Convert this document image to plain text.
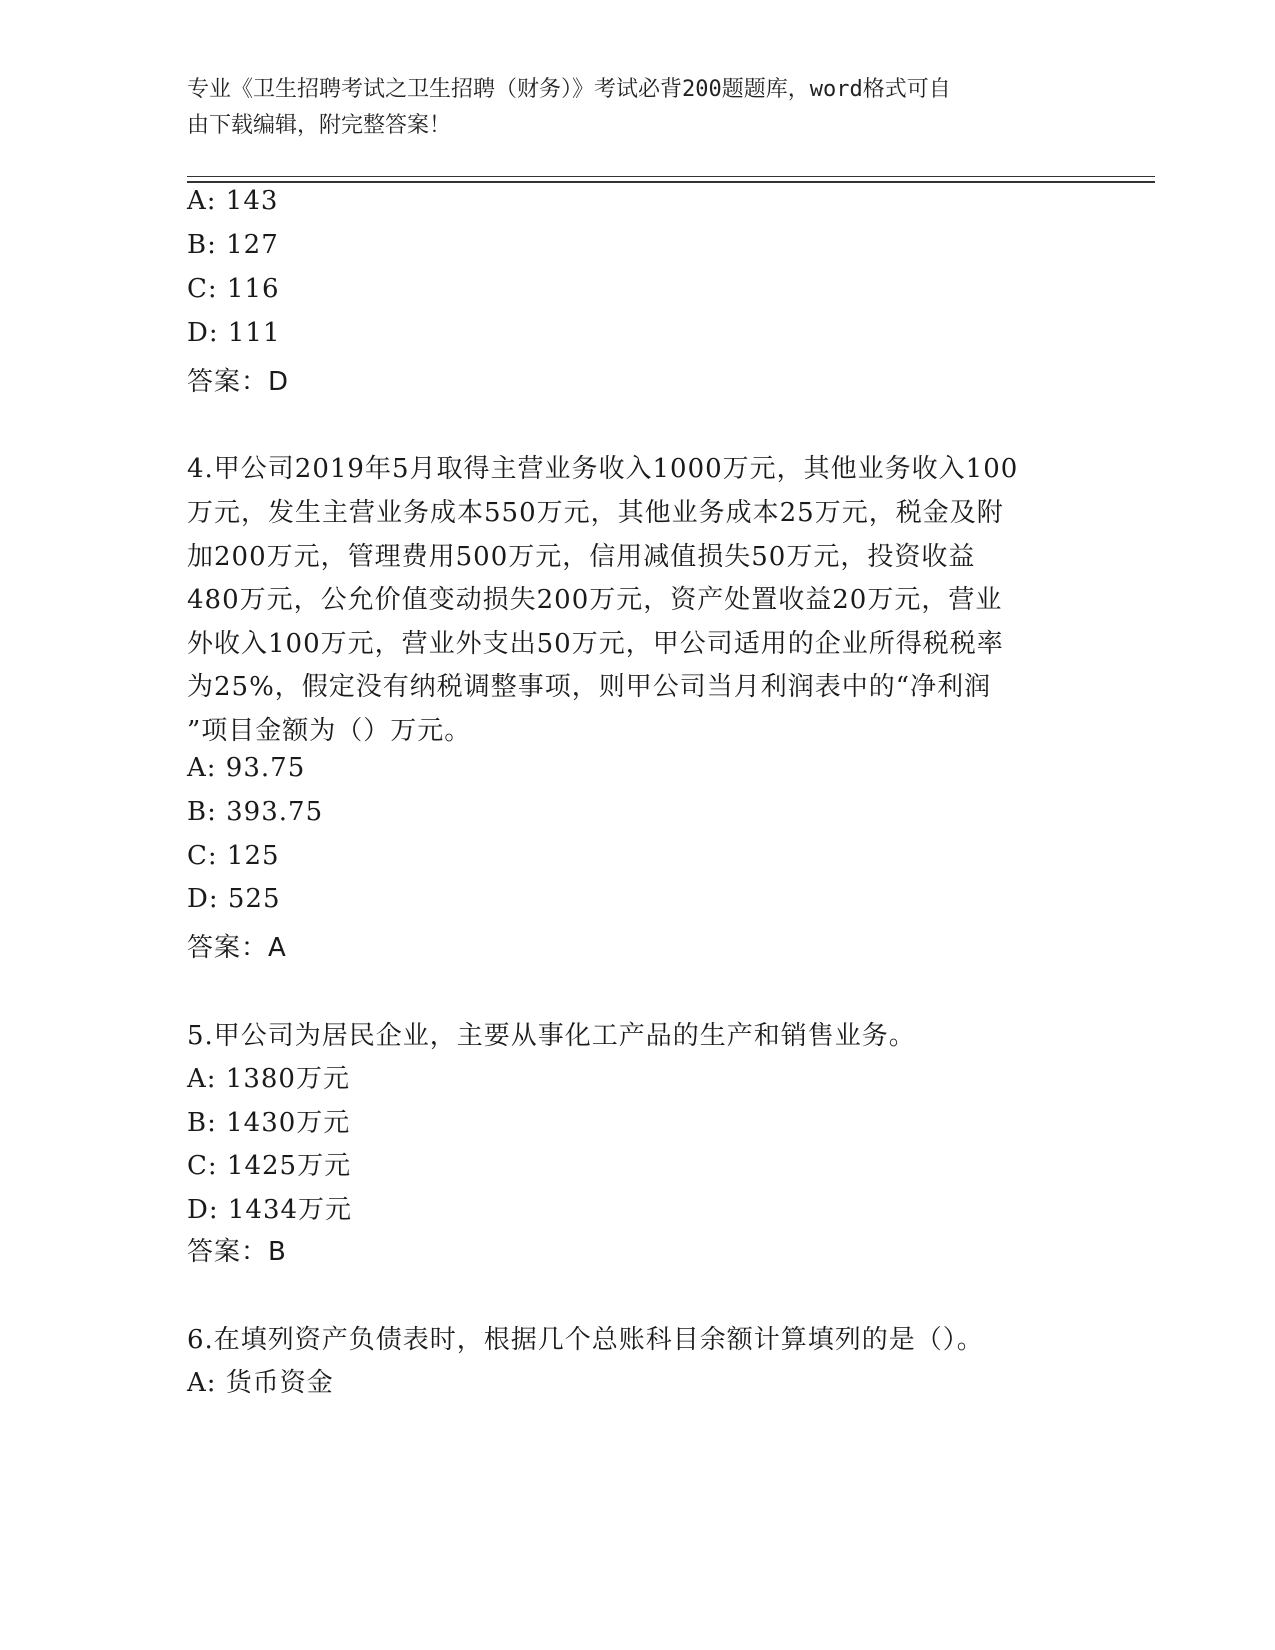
专业《卫生招聘考试之卫生招聘（财务）》考试必背200题题库，word格式可自
由下载编辑，附完整答案！
A: 143
B: 127
C: 116
D: 111
答案：D
4.甲公司2019年5月取得主营业务收入1000万元，其他业务收入100
万元，发生主营业务成本550万元，其他业务成本25万元，税金及附
加200万元，管理费用500万元，信用减值损失50万元，投资收益
480万元，公允价值变动损失200万元，资产处置收益20万元，营业
外收入100万元，营业外支出50万元，甲公司适用的企业所得税税率
为25%，假定没有纳税调整事项，则甲公司当月利润表中的“净利润
”项目金额为（）万元。
A: 93.75
B: 393.75
C: 125
D: 525
答案：A
5.甲公司为居民企业，主要从事化工产品的生产和销售业务。
A: 1380万元
B: 1430万元
C: 1425万元
D: 1434万元
答案：B
6.在填列资产负债表时，根据几个总账科目余额计算填列的是（）。
A: 货币资金
